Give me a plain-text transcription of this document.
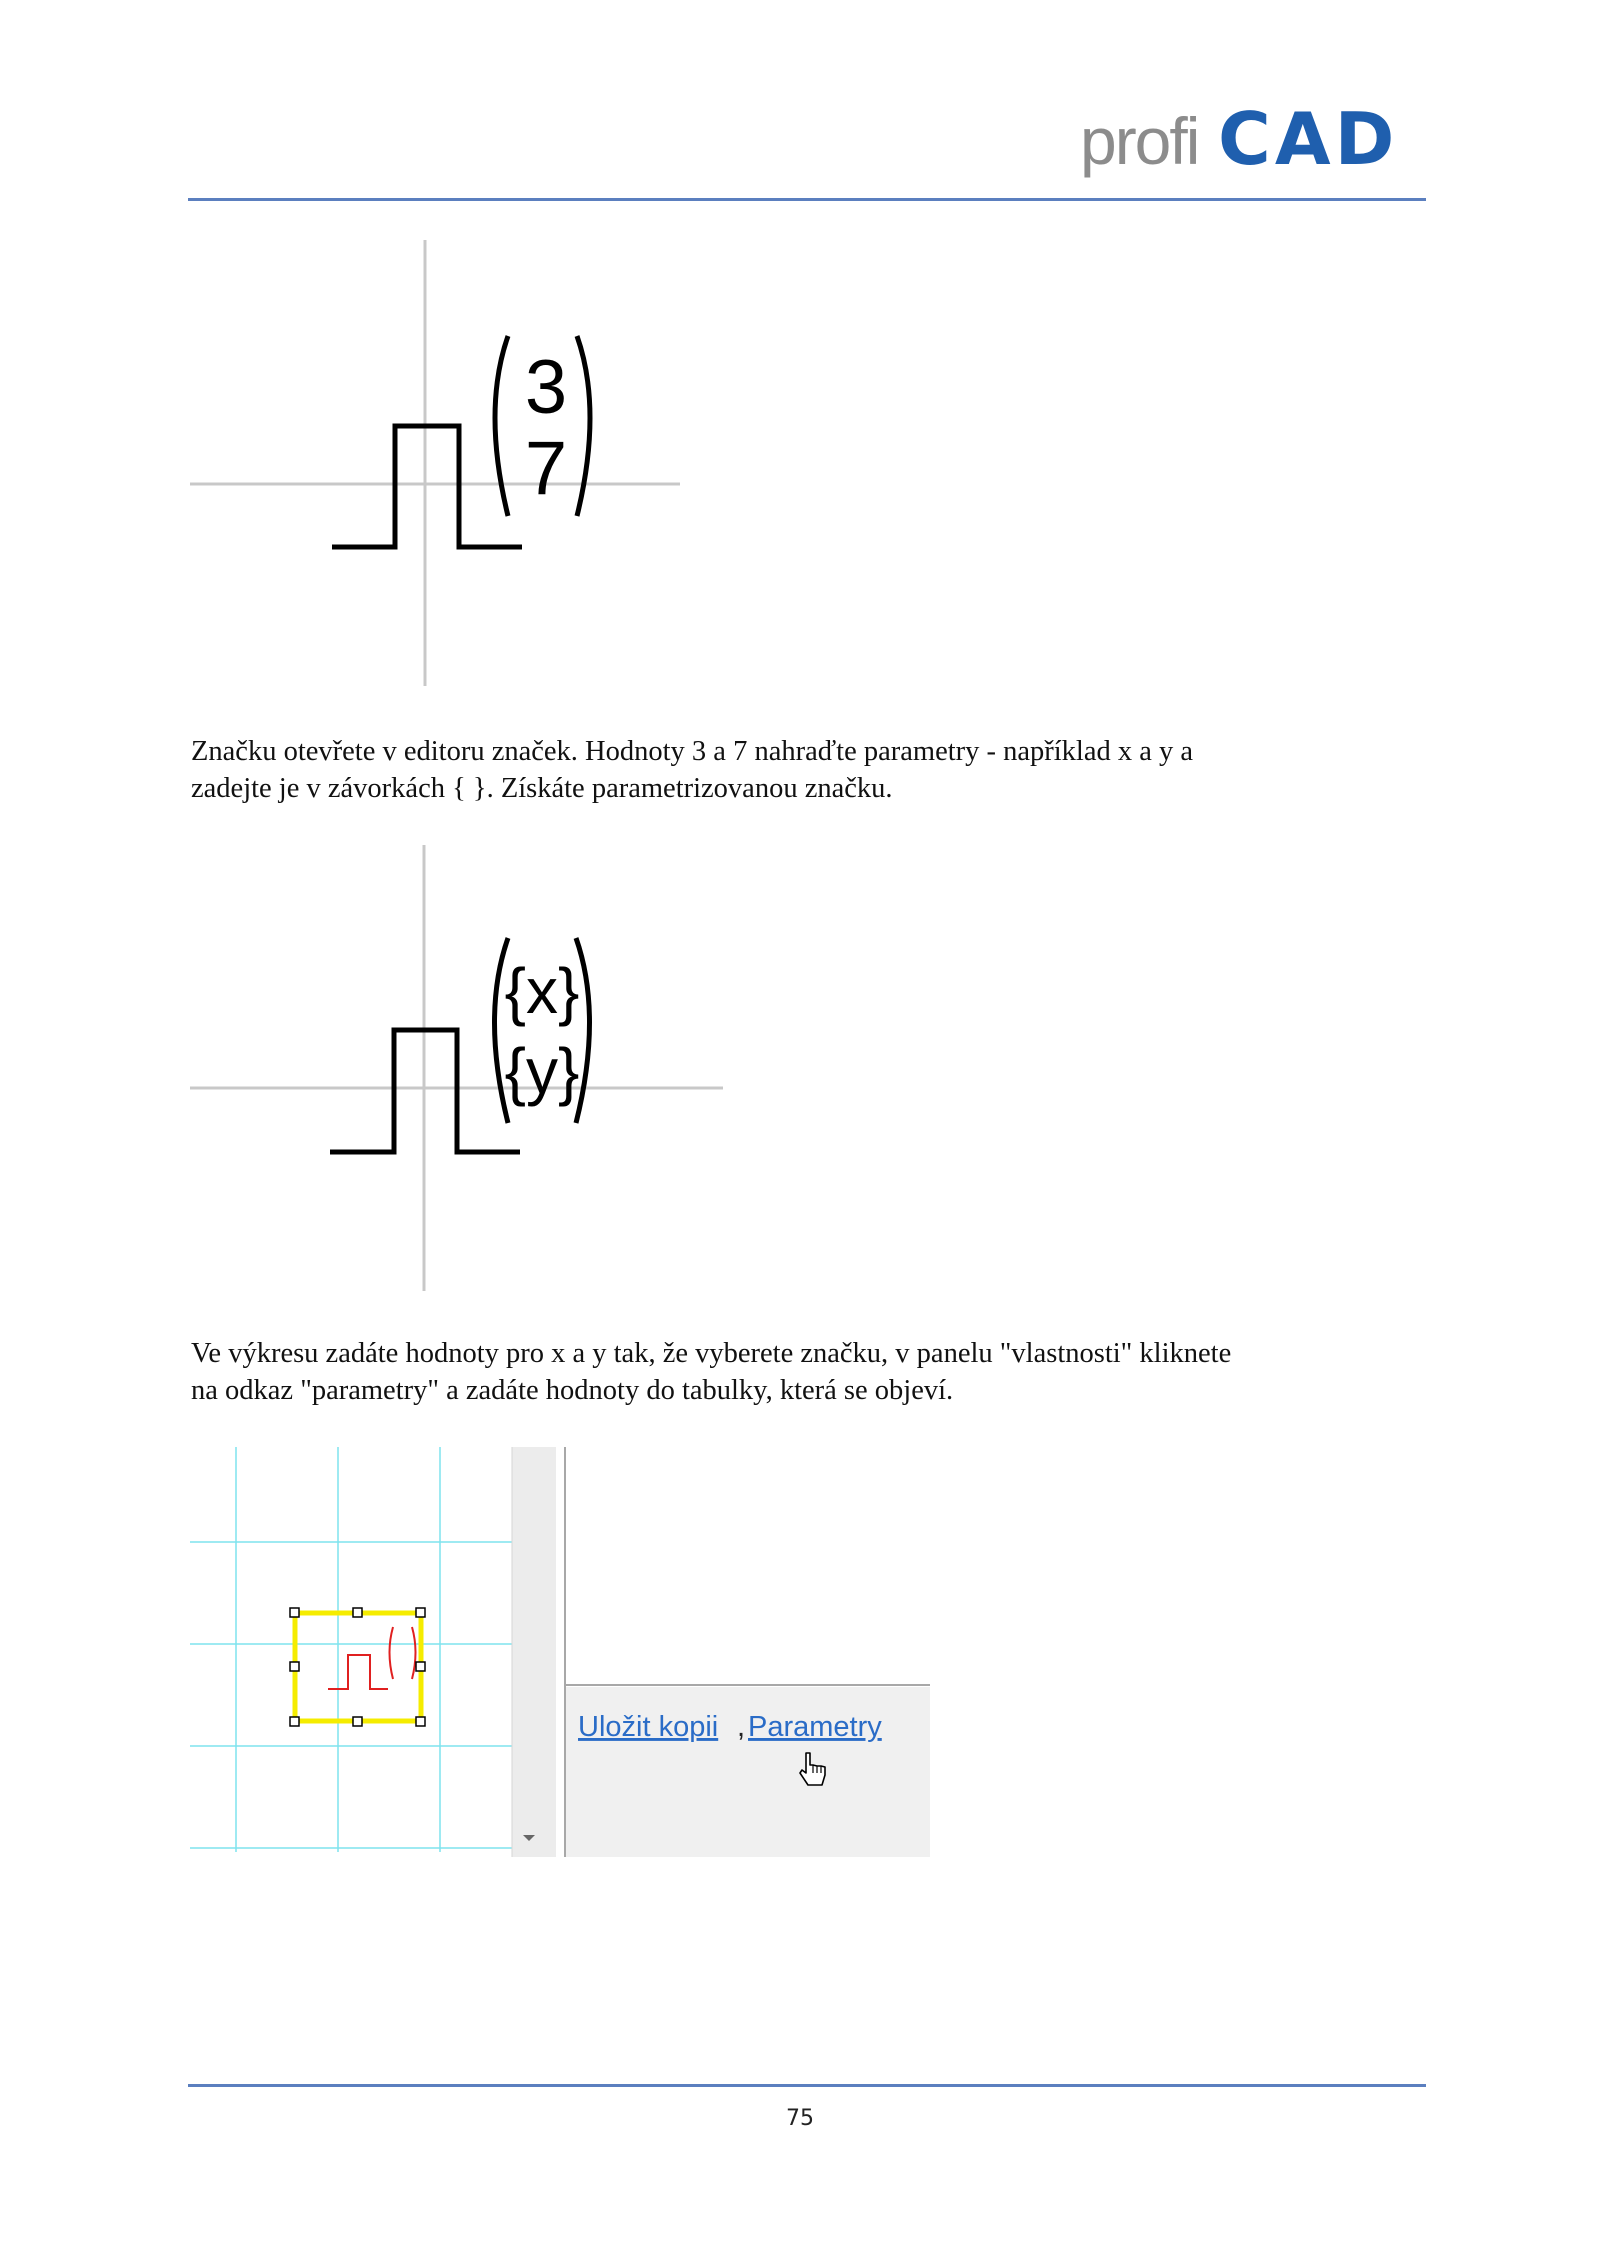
profi CAD
3
7
Značku otevřete v editoru značek. Hodnoty 3 a 7 nahraďte parametry - například x a y a
zadejte je v závorkách { }. Získáte parametrizovanou značku.
{x}
{y}
Ve výkresu zadáte hodnoty pro x a y tak, že vyberete značku, v panelu "vlastnosti" kliknete
na odkaz "parametry" a zadáte hodnoty do tabulky, která se objeví.
Uložit kopii , Parametry
75
